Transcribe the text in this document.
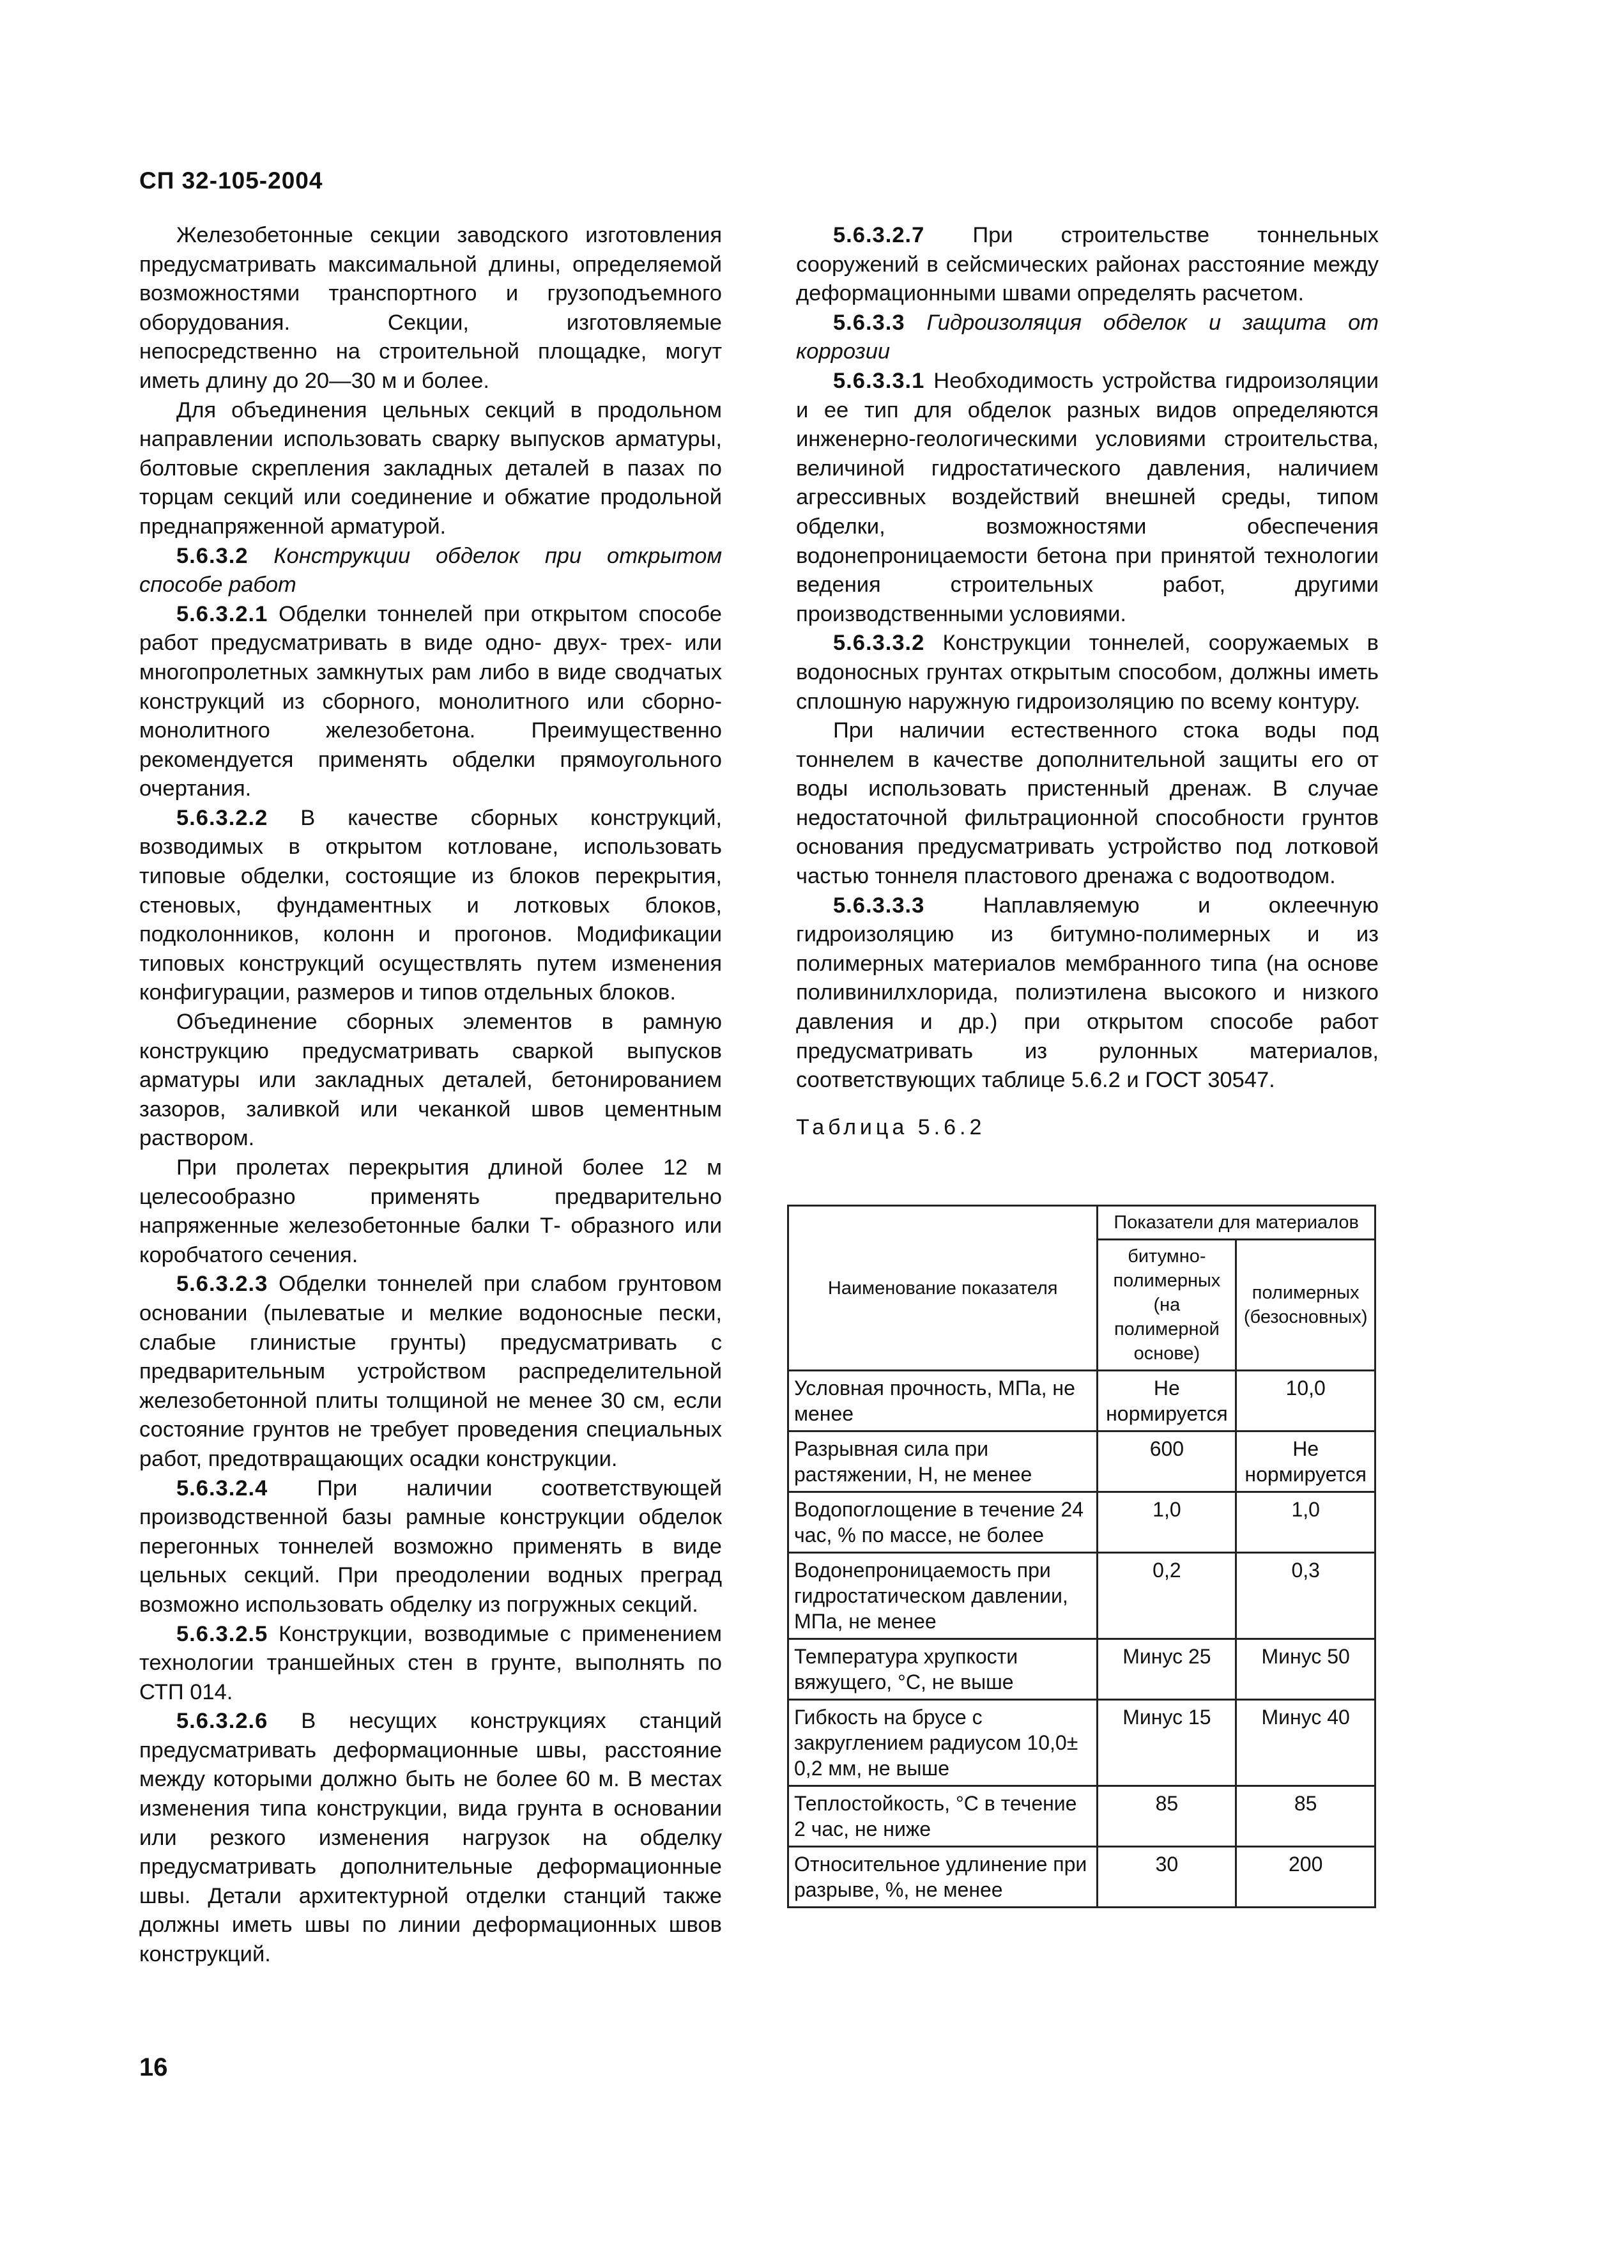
СП 32-105-2004

Железобетонные секции заводского изготовления предусматривать максимальной длины, определяемой возможностями транспортного и грузоподъемного оборудования. Секции, изготовляемые непосредственно на строительной площадке, могут иметь длину до 20—30 м и более.

Для объединения цельных секций в продольном направлении использовать сварку выпусков арматуры, болтовые скрепления закладных деталей в пазах по торцам секций или соединение и обжатие продольной преднапряженной арматурой.

5.6.3.2 Конструкции обделок при открытом способе работ

5.6.3.2.1 Обделки тоннелей при открытом способе работ предусматривать в виде одно- двух- трех- или многопролетных замкнутых рам либо в виде сводчатых конструкций из сборного, монолитного или сборно-монолитного железобетона. Преимущественно рекомендуется применять обделки прямоугольного очертания.

5.6.3.2.2 В качестве сборных конструкций, возводимых в открытом котловане, использовать типовые обделки, состоящие из блоков перекрытия, стеновых, фундаментных и лотковых блоков, подколонников, колонн и прогонов. Модификации типовых конструкций осуществлять путем изменения конфигурации, размеров и типов отдельных блоков.

Объединение сборных элементов в рамную конструкцию предусматривать сваркой выпусков арматуры или закладных деталей, бетонированием зазоров, заливкой или чеканкой швов цементным раствором.

При пролетах перекрытия длиной более 12 м целесообразно применять предварительно напряженные железобетонные балки Т- образного или коробчатого сечения.

5.6.3.2.3 Обделки тоннелей при слабом грунтовом основании (пылеватые и мелкие водоносные пески, слабые глинистые грунты) предусматривать с предварительным устройством распределительной железобетонной плиты толщиной не менее 30 см, если состояние грунтов не требует проведения специальных работ, предотвращающих осадки конструкции.

5.6.3.2.4 При наличии соответствующей производственной базы рамные конструкции обделок перегонных тоннелей возможно применять в виде цельных секций. При преодолении водных преград возможно использовать обделку из погружных секций.

5.6.3.2.5 Конструкции, возводимые с применением технологии траншейных стен в грунте, выполнять по СТП 014.

5.6.3.2.6 В несущих конструкциях станций предусматривать деформационные швы, расстояние между которыми должно быть не более 60 м. В местах изменения типа конструкции, вида грунта в основании или резкого изменения нагрузок на обделку предусматривать дополнительные деформационные швы. Детали архитектурной отделки станций также должны иметь швы по линии деформационных швов конструкций.

5.6.3.2.7 При строительстве тоннельных сооружений в сейсмических районах расстояние между деформационными швами определять расчетом.

5.6.3.3 Гидроизоляция обделок и защита от коррозии

5.6.3.3.1 Необходимость устройства гидроизоляции и ее тип для обделок разных видов определяются инженерно-геологическими условиями строительства, величиной гидростатического давления, наличием агрессивных воздействий внешней среды, типом обделки, возможностями обеспечения водонепроницаемости бетона при принятой технологии ведения строительных работ, другими производственными условиями.

5.6.3.3.2 Конструкции тоннелей, сооружаемых в водоносных грунтах открытым способом, должны иметь сплошную наружную гидроизоляцию по всему контуру.

При наличии естественного стока воды под тоннелем в качестве дополнительной защиты его от воды использовать пристенный дренаж. В случае недостаточной фильтрационной способности грунтов основания предусматривать устройство под лотковой частью тоннеля пластового дренажа с водоотводом.

5.6.3.3.3	Наплавляемую и оклеечную гидроизоляцию из битумно-полимерных и из полимерных материалов мембранного типа (на основе поливинилхлорида, полиэтилена высокого и низкого давления и др.) при открытом способе работ предусматривать из рулонных материалов, соответствующих таблице 5.6.2 и ГОСТ 30547.

Таблица 5.6.2

Наименование показателя	Показатели для материалов	
	битумно-полимерных (на полимерной основе)	полимерных (безосновных)
Условная прочность, МПа, не менее	Не нормируется	10,0
Разрывная сила при растяжении, Н, не менее	600	Не нормируется
Водопоглощение в течение 24 час, % по массе, не более	1,0	1,0
Водонепроницаемость при гидростатическом давлении, МПа, не менее	0,2	0,3
Температура хрупкости вяжущего, °С, не выше	Минус 25	Минус 50
Гибкость на брусе с закруглением радиусом 10,0± 0,2 мм, не выше	Минус 15	Минус 40
Теплостойкость, °С в течение 2 час, не ниже	85	85
Относительное удлинение при разрыве, %, не менее	30	200
16
